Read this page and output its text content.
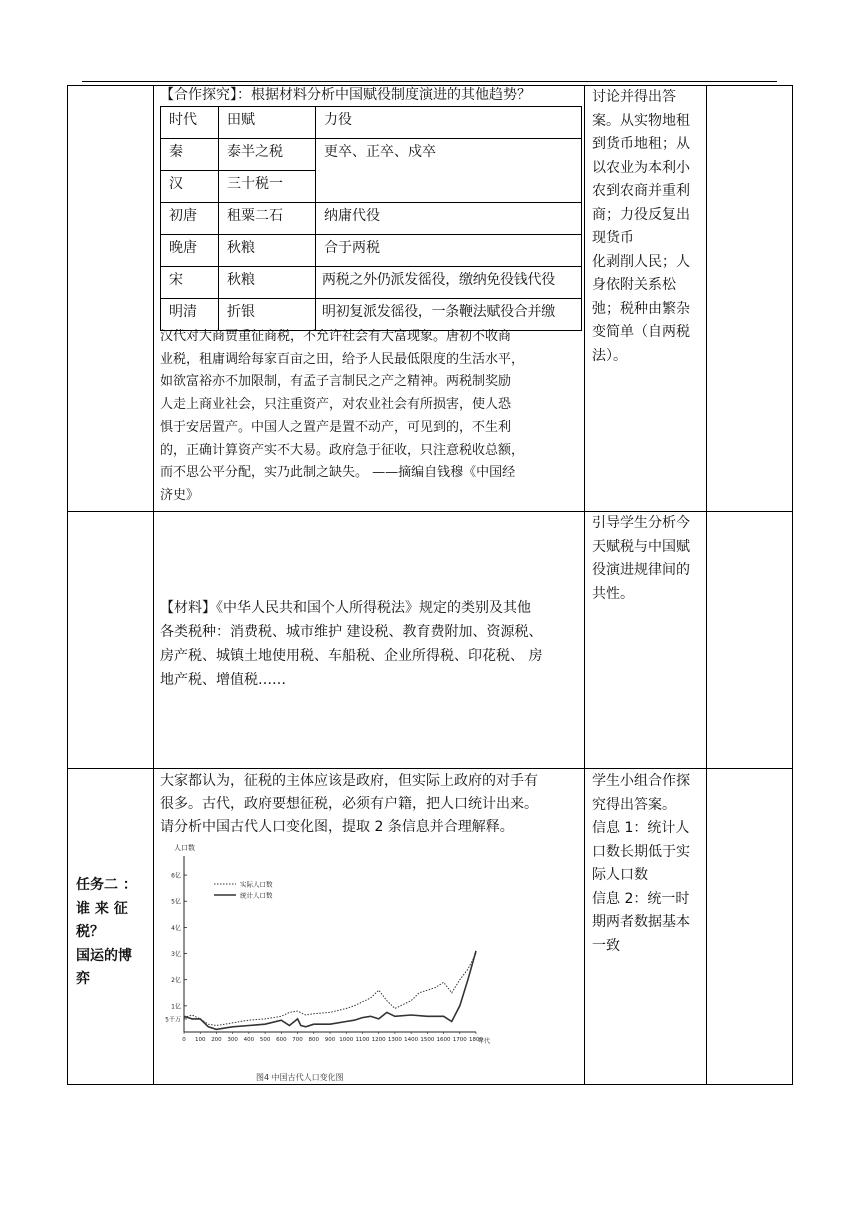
【合作探究】：根据材料分析中国赋役制度演进的其他趋势？
时代	田赋	力役
秦	泰半之税	更卒、正卒、戍卒
汉	三十税一	
初唐	租粟二石	纳庸代役
晚唐	秋粮	合于两税
宋	秋粮	两税之外仍派发徭役，缴纳免役钱代役
明清	折银	明初复派发徭役，一条鞭法赋役合并缴
汉代对大商贾重征商税，不允许社会有大富现象。唐初不收商
业税，租庸调给每家百亩之田，给予人民最低限度的生活水平，
如欲富裕亦不加限制，有孟子言制民之产之精神。两税制奖励
人走上商业社会，只注重资产，对农业社会有所损害，使人恐
惧于安居置产。中国人之置产是置不动产，可见到的，不生利
的，正确计算资产实不大易。政府急于征收，只注意税收总额，
而不思公平分配，实乃此制之缺失。 ——摘编自钱穆《中国经
济史》
讨论并得出答
案。从实物地租
到货币地租；从
以农业为本利小
农到农商并重利
商；力役反复出
现货币
化剥削人民；人
身依附关系松
弛；税种由繁杂
变简单（自两税
法）。
【材料】《中华人民共和国个人所得税法》规定的类别及其他
各类税种：消费税、城市维护 建设税、教育费附加、资源税、
房产税、城镇土地使用税、车船税、企业所得税、印花税、 房
地产税、增值税……
引导学生分析今
天赋税与中国赋
役演进规律间的
共性。
任务二 ：
谁 来 征
税？
国运的博
弈
大家都认为，征税的主体应该是政府，但实际上政府的对手有
很多。古代，政府要想征税，必须有户籍，把人口统计出来。
请分析中国古代人口变化图，提取 2 条信息并合理解释。
学生小组合作探
究得出答案。
信息 1：统计人
口数长期低于实
际人口数
信息 2：统一时
期两者数据基本
一致
人口数
5千万
1亿
2亿
3亿
4亿
5亿
6亿
0 100 200 300 400 500 600 700 800 900 1000 1100 1200 1300 1400 1500 1600 1700 1800
年代
实际人口数
统计人口数
图4 中国古代人口变化图
